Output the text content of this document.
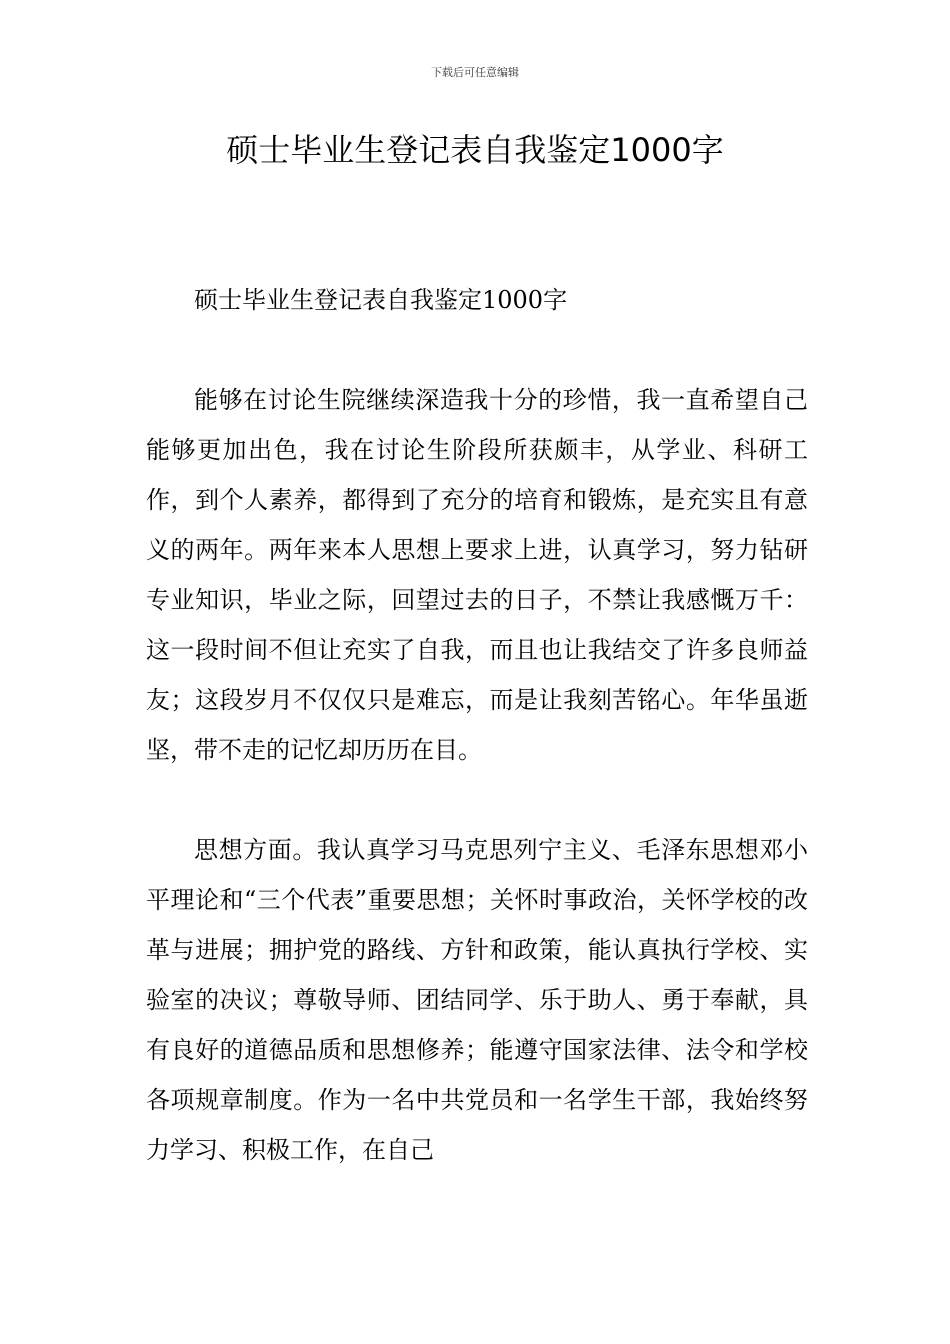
下载后可任意编辑
硕士毕业生登记表自我鉴定1000字

硕士毕业生登记表自我鉴定1000字

能够在讨论生院继续深造我十分的珍惜，我一直希望自己能够更加出色，我在讨论生阶段所获颇丰，从学业、科研工作，到个人素养，都得到了充分的培育和锻炼，是充实且有意义的两年。两年来本人思想上要求上进，认真学习，努力钻研专业知识，毕业之际，回望过去的日子，不禁让我感慨万千：这一段时间不但让充实了自我，而且也让我结交了许多良师益友；这段岁月不仅仅只是难忘，而是让我刻苦铭心。年华虽逝坚，带不走的记忆却历历在目。

思想方面。我认真学习马克思列宁主义、毛泽东思想邓小平理论和“三个代表”重要思想；关怀时事政治，关怀学校的改革与进展；拥护党的路线、方针和政策，能认真执行学校、实验室的决议；尊敬导师、团结同学、乐于助人、勇于奉献，具有良好的道德品质和思想修养；能遵守国家法律、法令和学校各项规章制度。作为一名中共党员和一名学生干部，我始终努力学习、积极工作，在自己
